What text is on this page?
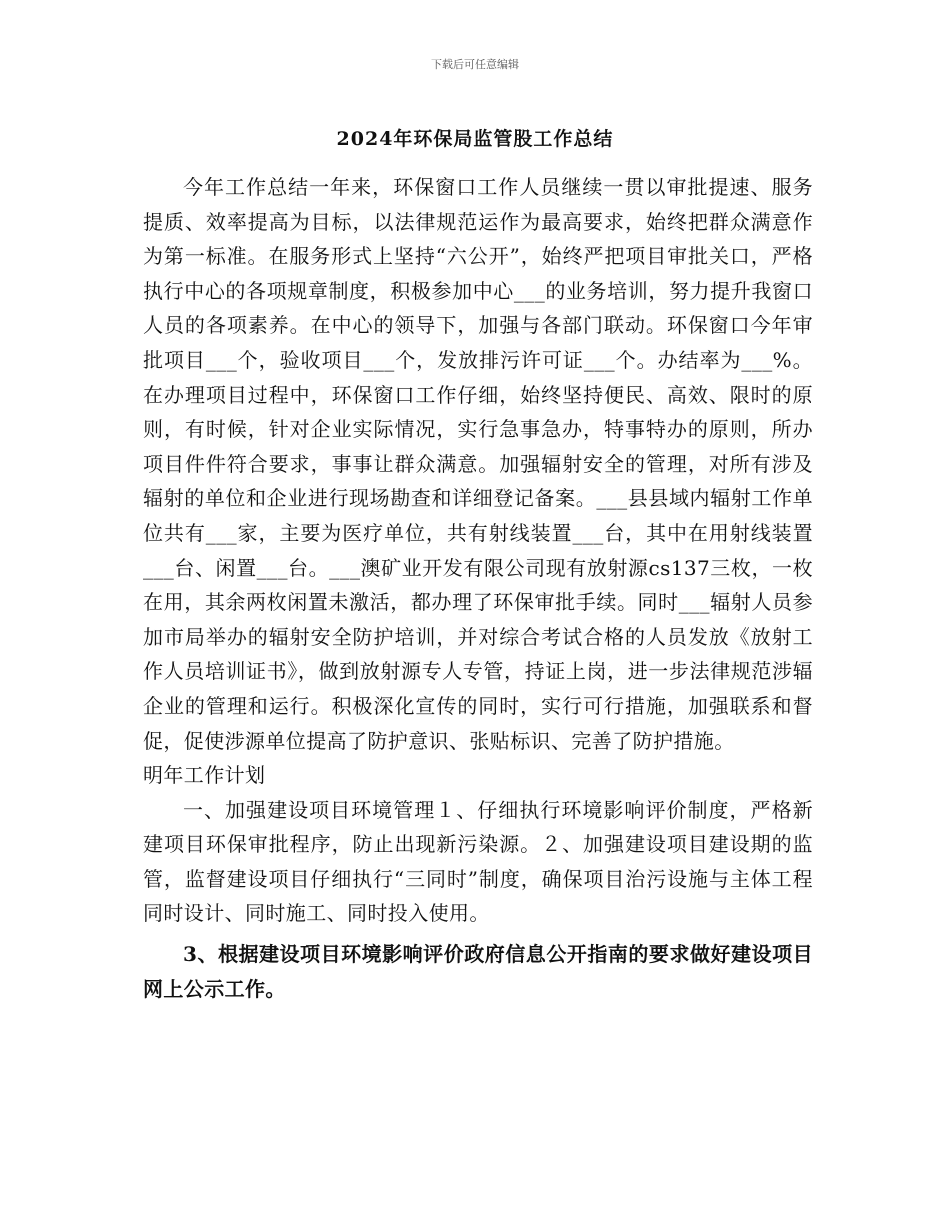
下载后可任意编辑
2024年环保局监管股工作总结

今年工作总结一年来，环保窗口工作人员继续一贯以审批提速、服务提质、效率提高为目标，以法律规范运作为最高要求，始终把群众满意作为第一标准。在服务形式上坚持“六公开”，始终严把项目审批关口，严格执行中心的各项规章制度，积极参加中心___的业务培训，努力提升我窗口人员的各项素养。在中心的领导下，加强与各部门联动。环保窗口今年审批项目___个，验收项目___个，发放排污许可证___个。办结率为___%。在办理项目过程中，环保窗口工作仔细，始终坚持便民、高效、限时的原则，有时候，针对企业实际情况，实行急事急办，特事特办的原则，所办项目件件符合要求，事事让群众满意。加强辐射安全的管理，对所有涉及辐射的单位和企业进行现场勘查和详细登记备案。___县县域内辐射工作单位共有___家，主要为医疗单位，共有射线装置___台，其中在用射线装置___台、闲置___台。___澳矿业开发有限公司现有放射源cs137三枚，一枚在用，其余两枚闲置未激活，都办理了环保审批手续。同时___辐射人员参加市局举办的辐射安全防护培训，并对综合考试合格的人员发放《放射工作人员培训证书》，做到放射源专人专管，持证上岗，进一步法律规范涉辐企业的管理和运行。积极深化宣传的同时，实行可行措施，加强联系和督促，促使涉源单位提高了防护意识、张贴标识、完善了防护措施。

明年工作计划

一、加强建设项目环境管理１、仔细执行环境影响评价制度，严格新建项目环保审批程序，防止出现新污染源。２、加强建设项目建设期的监管，监督建设项目仔细执行“三同时”制度，确保项目治污设施与主体工程同时设计、同时施工、同时投入使用。

3、根据建设项目环境影响评价政府信息公开指南的要求做好建设项目网上公示工作。
